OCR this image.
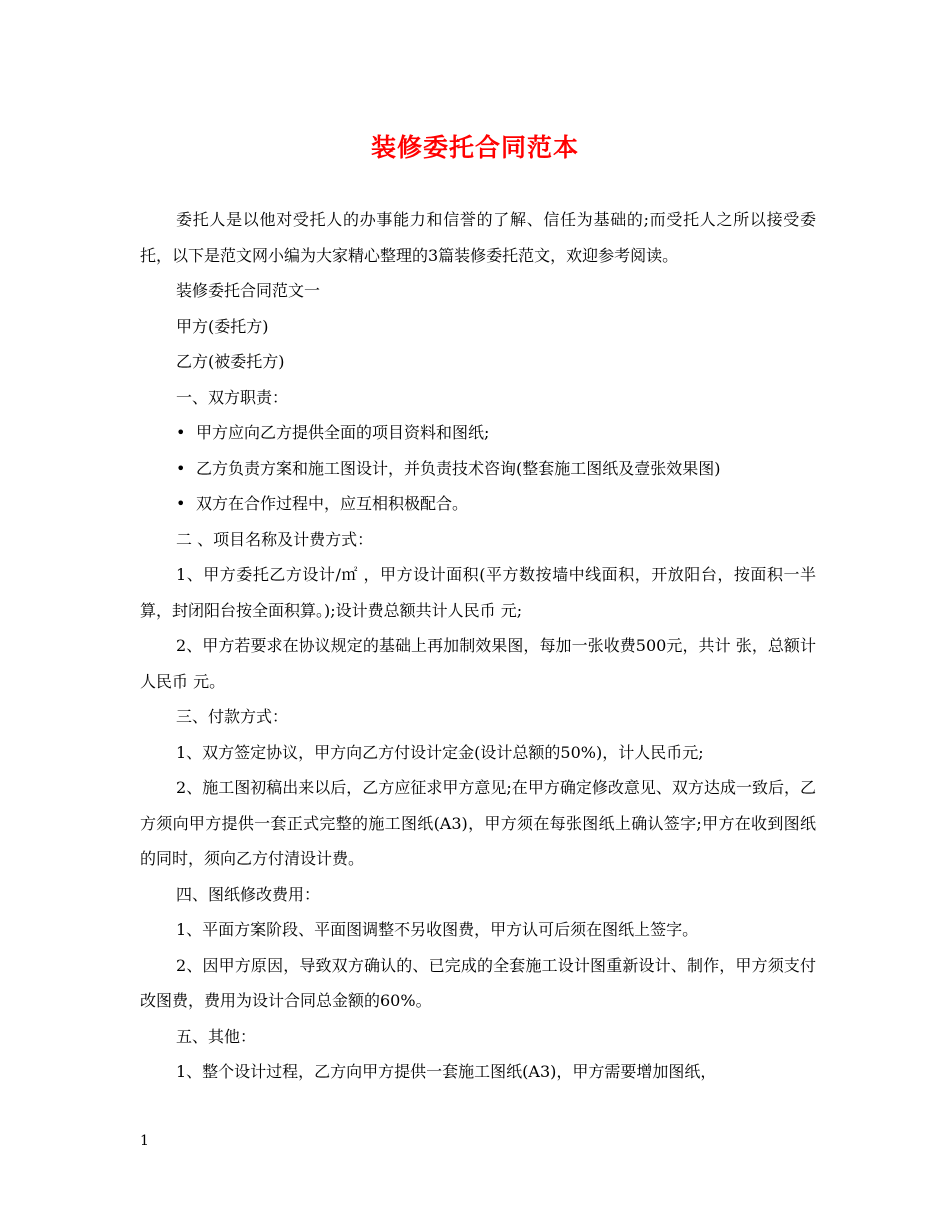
装修委托合同范本

委托人是以他对受托人的办事能力和信誉的了解、信任为基础的;而受托人之所以接受委托，以下是范文网小编为大家精心整理的3篇装修委托范文，欢迎参考阅读。

装修委托合同范文一

甲方(委托方)

乙方(被委托方)

一、双方职责：

• 甲方应向乙方提供全面的项目资料和图纸;

• 乙方负责方案和施工图设计，并负责技术咨询(整套施工图纸及壹张效果图)

• 双方在合作过程中，应互相积极配合。

二 、项目名称及计费方式：

1、甲方委托乙方设计/㎡ ，甲方设计面积(平方数按墙中线面积，开放阳台，按面积一半算，封闭阳台按全面积算。);设计费总额共计人民币 元;

2、甲方若要求在协议规定的基础上再加制效果图，每加一张收费500元，共计 张，总额计人民币 元。

三、付款方式：

1、双方签定协议，甲方向乙方付设计定金(设计总额的50%)，计人民币元;

2、施工图初稿出来以后，乙方应征求甲方意见;在甲方确定修改意见、双方达成一致后，乙方须向甲方提供一套正式完整的施工图纸(A3)，甲方须在每张图纸上确认签字;甲方在收到图纸的同时，须向乙方付清设计费。

四、图纸修改费用：

1、平面方案阶段、平面图调整不另收图费，甲方认可后须在图纸上签字。

2、因甲方原因，导致双方确认的、已完成的全套施工设计图重新设计、制作，甲方须支付改图费，费用为设计合同总金额的60%。

五、其他：

1、整个设计过程，乙方向甲方提供一套施工图纸(A3)，甲方需要增加图纸，

1
